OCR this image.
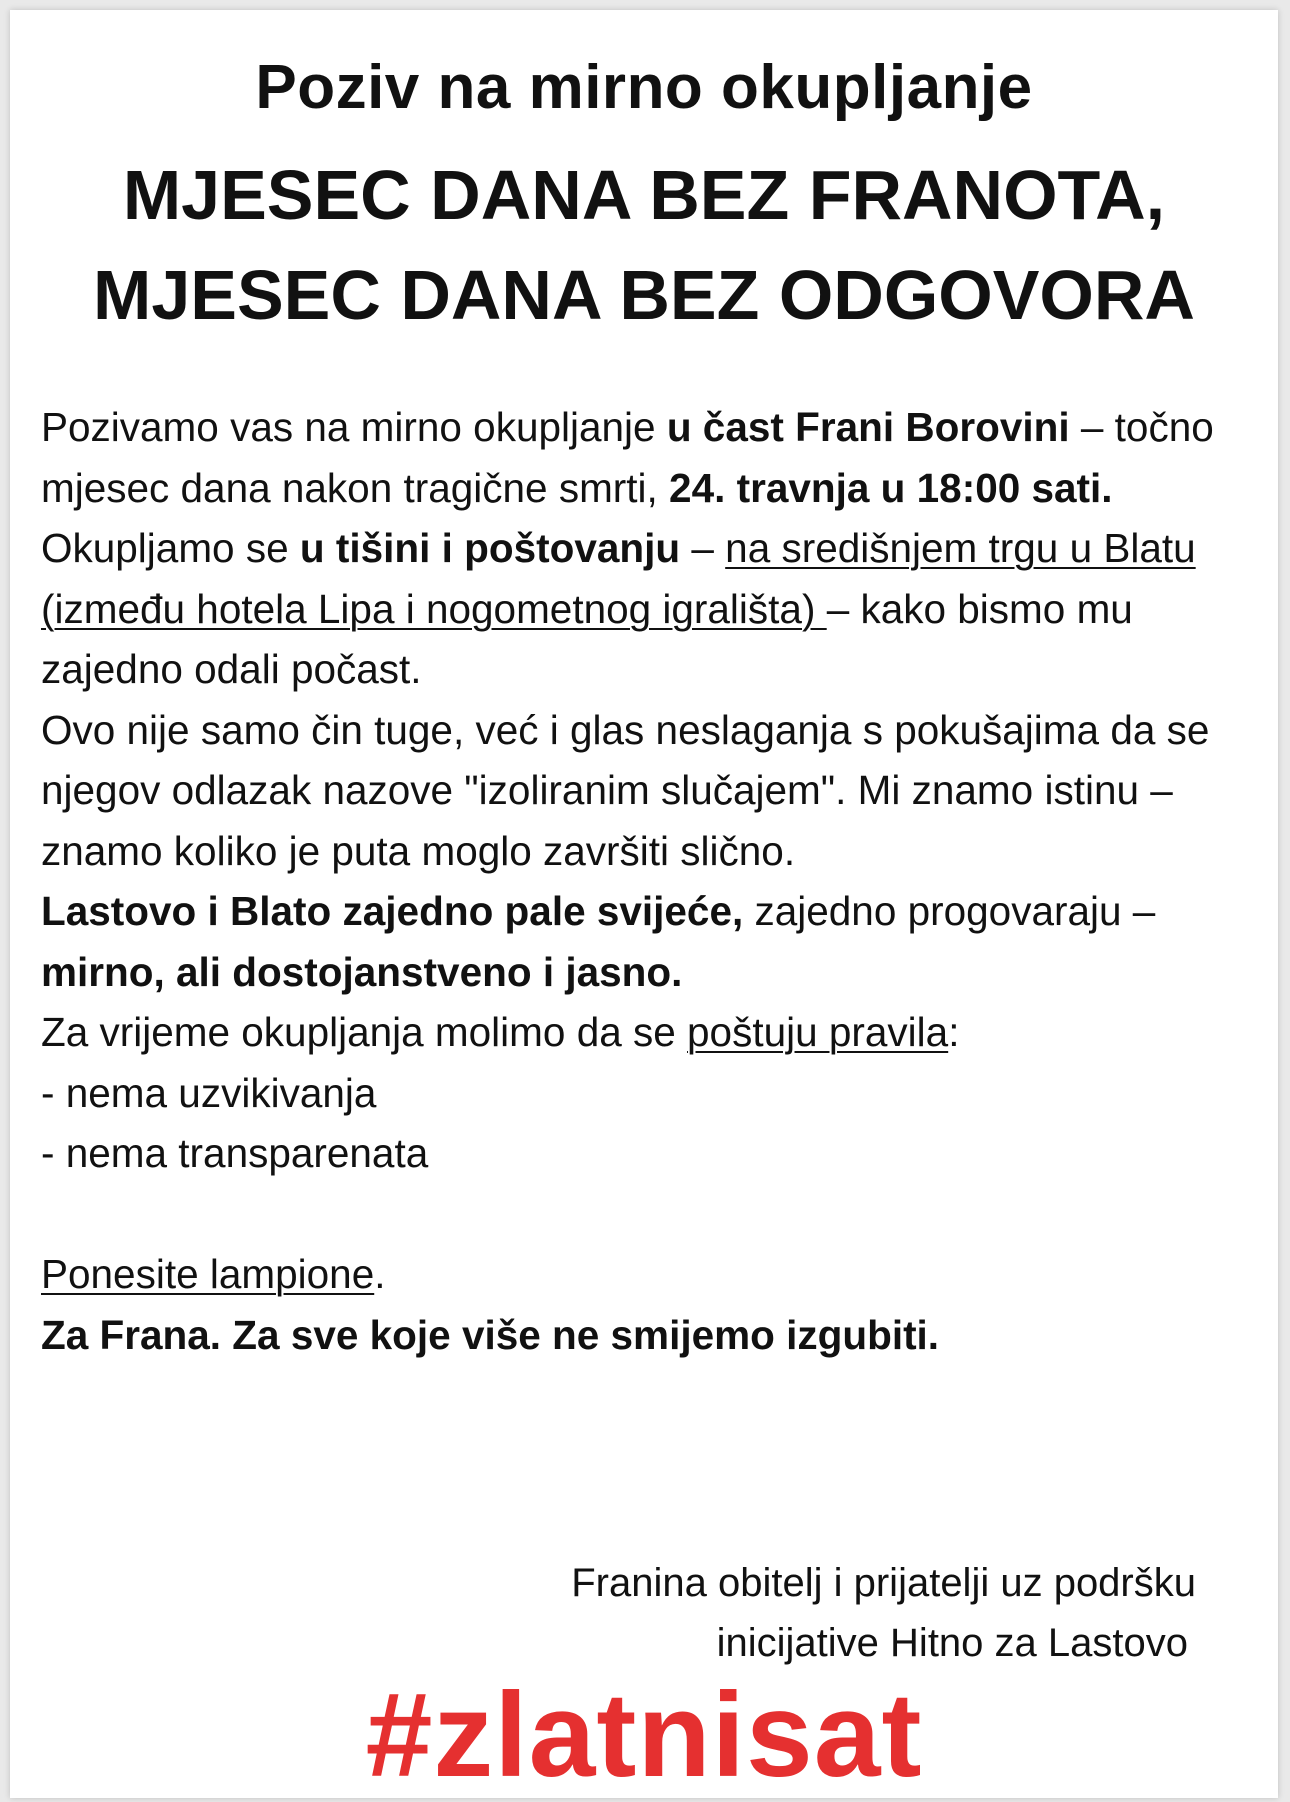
Poziv na mirno okupljanje
MJESEC DANA BEZ FRANOTA,
MJESEC DANA BEZ ODGOVORA

Pozivamo vas na mirno okupljanje u čast Frani Borovini – točno mjesec dana nakon tragične smrti, 24. travnja u 18:00 sati.

Okupljamo se u tišini i poštovanju – na središnjem trgu u Blatu (između hotela Lipa i nogometnog igrališta) – kako bismo mu zajedno odali počast.

Ovo nije samo čin tuge, već i glas neslaganja s pokušajima da se njegov odlazak nazove "izoliranim slučajem". Mi znamo istinu – znamo koliko je puta moglo završiti slično.

Lastovo i Blato zajedno pale svijeće, zajedno progovaraju – mirno, ali dostojanstveno i jasno.

Za vrijeme okupljanja molimo da se poštuju pravila:

- nema uzvikivanja

- nema transparenata

Ponesite lampione.

Za Frana. Za sve koje više ne smijemo izgubiti.

Franina obitelj i prijatelji uz podršku
inicijative Hitno za Lastovo
#zlatnisat
